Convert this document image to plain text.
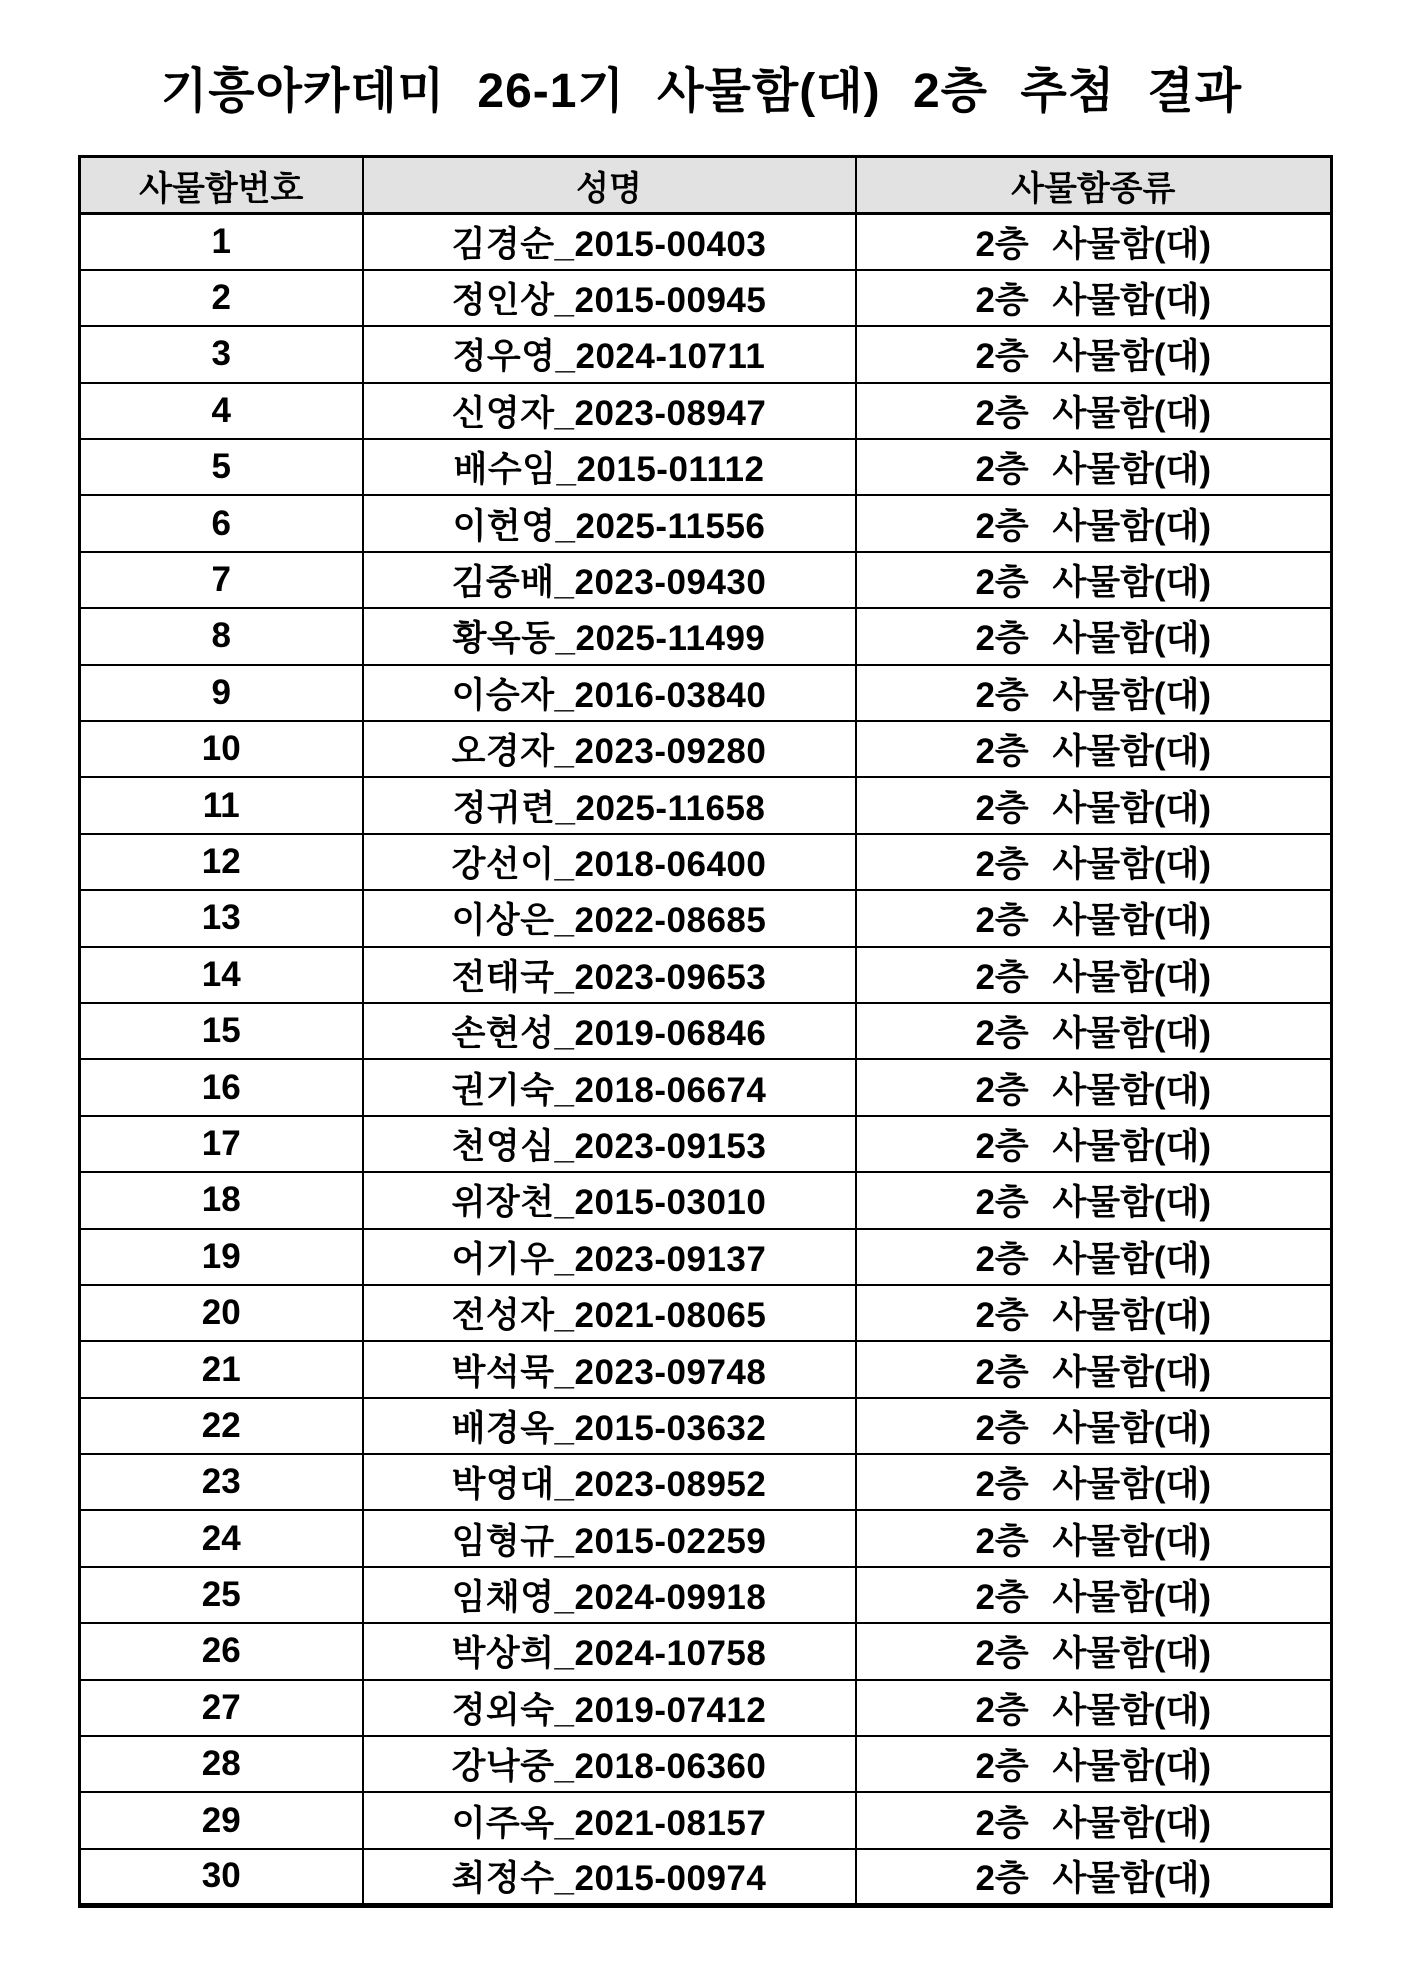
기흥아카데미 26-1기 사물함(대) 2층 추첨 결과
사물함번호	성명	사물함종류
1	김경순_2015-00403	2층 사물함(대)
2	정인상_2015-00945	2층 사물함(대)
3	정우영_2024-10711	2층 사물함(대)
4	신영자_2023-08947	2층 사물함(대)
5	배수임_2015-01112	2층 사물함(대)
6	이헌영_2025-11556	2층 사물함(대)
7	김중배_2023-09430	2층 사물함(대)
8	황옥동_2025-11499	2층 사물함(대)
9	이승자_2016-03840	2층 사물함(대)
10	오경자_2023-09280	2층 사물함(대)
11	정귀련_2025-11658	2층 사물함(대)
12	강선이_2018-06400	2층 사물함(대)
13	이상은_2022-08685	2층 사물함(대)
14	전태국_2023-09653	2층 사물함(대)
15	손현성_2019-06846	2층 사물함(대)
16	권기숙_2018-06674	2층 사물함(대)
17	천영심_2023-09153	2층 사물함(대)
18	위장천_2015-03010	2층 사물함(대)
19	어기우_2023-09137	2층 사물함(대)
20	전성자_2021-08065	2층 사물함(대)
21	박석묵_2023-09748	2층 사물함(대)
22	배경옥_2015-03632	2층 사물함(대)
23	박영대_2023-08952	2층 사물함(대)
24	임형규_2015-02259	2층 사물함(대)
25	임채영_2024-09918	2층 사물함(대)
26	박상희_2024-10758	2층 사물함(대)
27	정외숙_2019-07412	2층 사물함(대)
28	강낙중_2018-06360	2층 사물함(대)
29	이주옥_2021-08157	2층 사물함(대)
30	최정수_2015-00974	2층 사물함(대)
